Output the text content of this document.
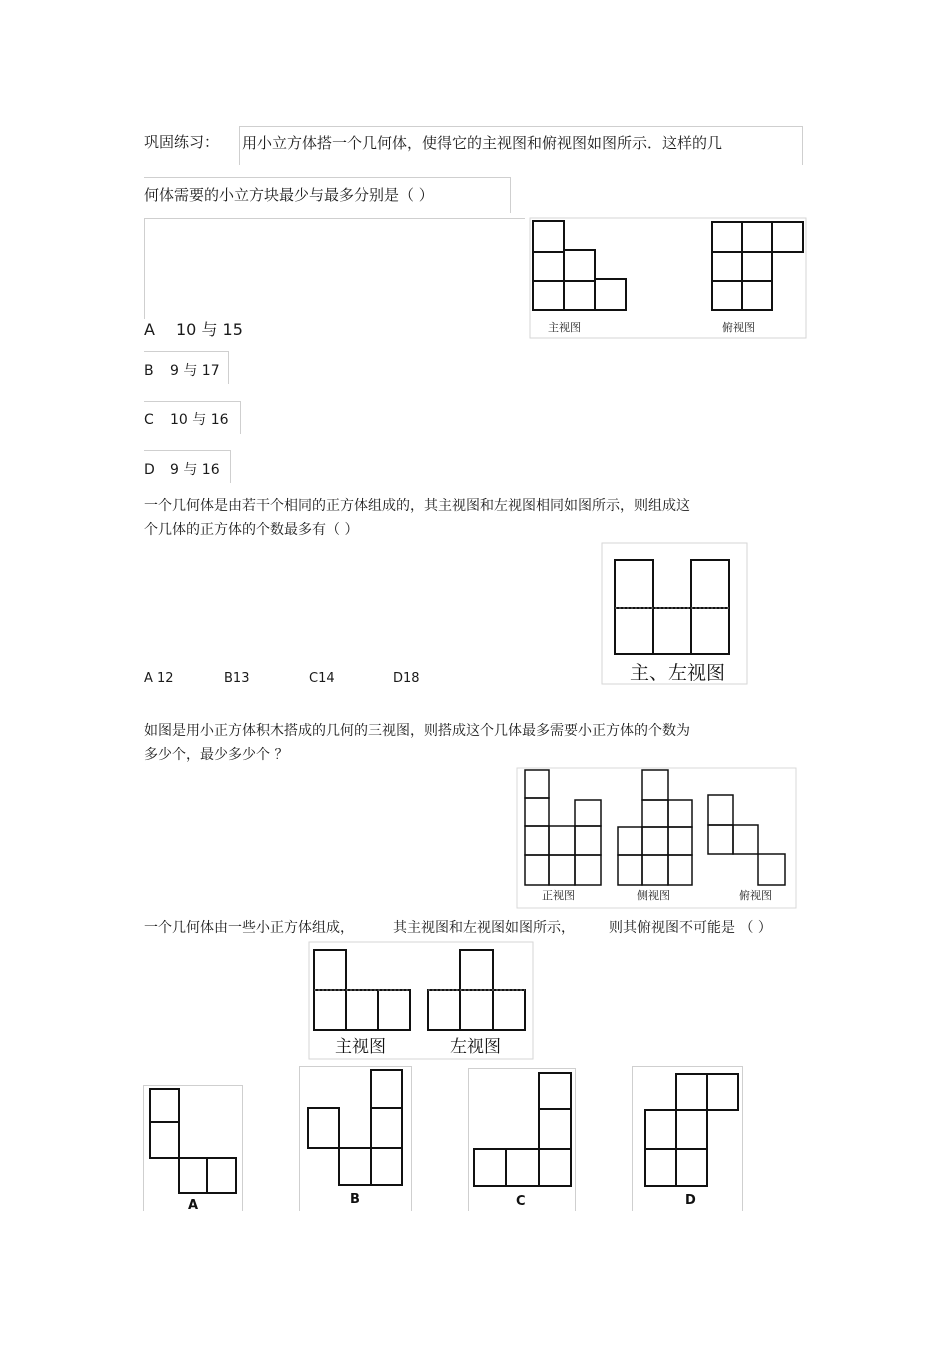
巩固练习： 用小立方体搭一个几何体，使得它的主视图和俯视图如图所示．这样的几
何体需要的小立方块最少与最多分别是（ ）
主视图	俯视图
A 10 与 15
B 9 与 17
C 10 与 16
D 9 与 16
一个几何体是由若干个相同的正方体组成的，其主视图和左视图相同如图所示，则组成这
个几体的正方体的个数最多有（ ）
主、左视图
A 12	B13	C14	D18
如图是用小正方体积木搭成的几何的三视图，则搭成这个几体最多需要小正方体的个数为
多少个，最少多少个 ？
正视图	侧视图	俯视图
一个几何体由一些小正方体组成，	其主视图和左视图如图所示， 则其俯视图不可能是 （ ）
主视图	左视图
A	B	C	D
